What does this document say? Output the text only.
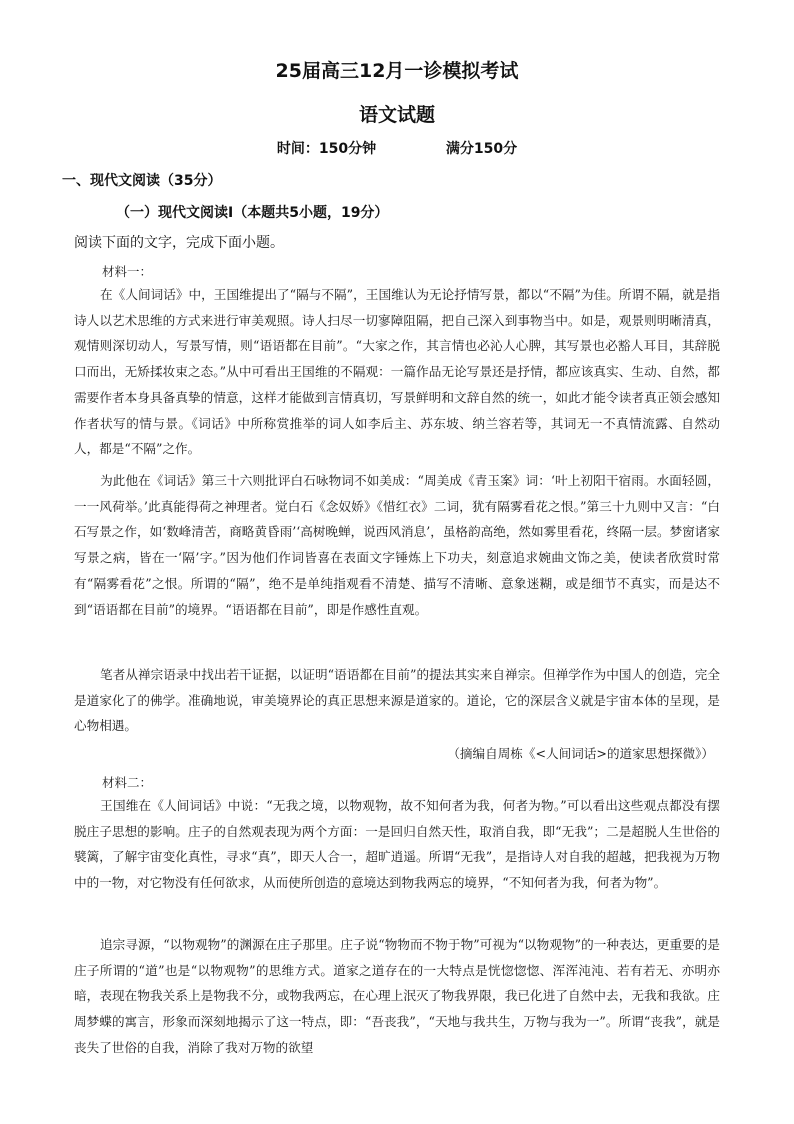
25届高三12月一诊模拟考试
语文试题
时间：150分钟	满分150分
一、现代文阅读（35分）
（一）现代文阅读Ⅰ（本题共5小题，19分）
阅读下面的文字，完成下面小题。
材料一：
在《人间词话》中，王国维提出了“隔与不隔”，王国维认为无论抒情写景，都以“不隔”为佳。所谓不隔，就是指诗人以艺术思维的方式来进行审美观照。诗人扫尽一切寥障阻隔，把自己深入到事物当中。如是，观景则明晰清真，观情则深切动人，写景写情，则“语语都在目前”。“大家之作，其言情也必沁人心脾，其写景也必豁人耳目，其辞脱口而出，无矫揉妆束之态。”从中可看出王国维的不隔观：一篇作品无论写景还是抒情，都应该真实、生动、自然，都需要作者本身具备真挚的情意，这样才能做到言情真切，写景鲜明和文辞自然的统一，如此才能令读者真正领会感知作者状写的情与景。《词话》中所称赏推举的词人如李后主、苏东坡、纳兰容若等，其词无一不真情流露、自然动人，都是“不隔”之作。
为此他在《词话》第三十六则批评白石咏物词不如美成：“周美成《青玉案》词：‘叶上初阳干宿雨。水面轻圆，一一风荷举。’此真能得荷之神理者。觉白石《念奴娇》《惜红衣》二词，犹有隔雾看花之恨。”第三十九则中又言：“白石写景之作，如‘数峰清苦，商略黄昏雨’‘高树晚蝉，说西风消息’，虽格韵高绝，然如雾里看花，终隔一层。梦窗诸家写景之病，皆在一‘隔’字。”因为他们作词皆喜在表面文字锤炼上下功夫，刻意追求婉曲文饰之美，使读者欣赏时常有“隔雾看花”之恨。所谓的“隔”，绝不是单纯指观看不清楚、描写不清晰、意象迷糊，或是细节不真实，而是达不到“语语都在目前”的境界。“语语都在目前”，即是作感性直观。
笔者从禅宗语录中找出若干证据，以证明“语语都在目前”的提法其实来自禅宗。但禅学作为中国人的创造，完全是道家化了的佛学。准确地说，审美境界论的真正思想来源是道家的。道论，它的深层含义就是宇宙本体的呈现，是心物相遇。
（摘编自周栋《<人间词话>的道家思想探微》）
材料二：
王国维在《人间词话》中说：“无我之境，以物观物，故不知何者为我，何者为物。”可以看出这些观点都没有摆脱庄子思想的影响。庄子的自然观表现为两个方面：一是回归自然天性，取消自我，即“无我”；二是超脱人生世俗的襞篱，了解宇宙变化真性，寻求“真”，即天人合一，超旷逍遥。所谓“无我”，是指诗人对自我的超越，把我视为万物中的一物，对它物没有任何欲求，从而使所创造的意境达到物我两忘的境界，“不知何者为我，何者为物”。
追宗寻源，“以物观物”的渊源在庄子那里。庄子说“物物而不物于物”可视为“以物观物”的一种表达，更重要的是庄子所谓的“道”也是“以物观物”的思维方式。道家之道存在的一大特点是恍惚惚惚、浑浑沌沌、若有若无、亦明亦暗，表现在物我关系上是物我不分，或物我两忘，在心理上泯灭了物我界限，我已化进了自然中去，无我和我欲。庄周梦蝶的寓言，形象而深刻地揭示了这一特点，即：“吾丧我”，“天地与我共生，万物与我为一”。所谓“丧我”，就是丧失了世俗的自我，消除了我对万物的欲望
